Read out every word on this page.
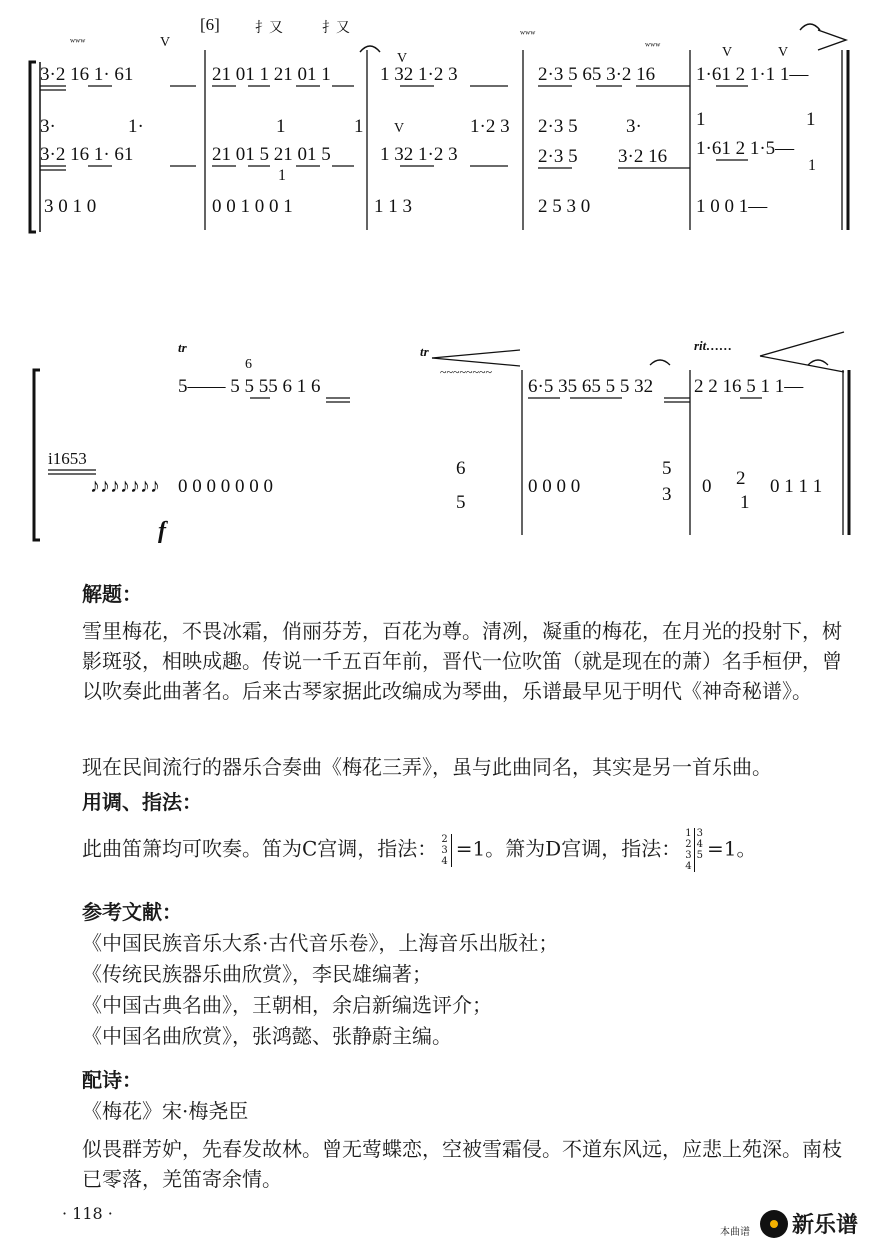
ʷʷʷ
ʷʷʷ
ʷʷʷ
[6]	扌又	扌又
V
V	V	V
V
3·2 16 1· 61	21 01 1 21 01 1	1 32 1·2 3	2·3 5 65 3·2 16 1·61 2 1·1 1—
3·	1·	1	1	1·2 3 2·3 5	3·	1	1
3·2 16 1· 61	21 01 5 21 01 5	1 32 1·2 3	2·3 5 3·2 16 1·61 2 1·5—
1
1
3 0 1 0	0 0 1 0 0 1	1 1 3	2 5 3 0	1 0 0 1—
tr	tr
~~~~~~~~
rit……
5—— 5 5 55 6 1 6	6·5 35 65 5 5 32 2 2 16 5 1 1—
6
i1653
♪♪♪♪♪♪♪ 0 0 0 0 0 0 0
6
5
0 0 0 0
5
3 0 2
1
0 1 1 1
f
解题：

雪里梅花，不畏冰霜，俏丽芬芳，百花为尊。清冽，凝重的梅花，在月光的投射下，树影斑驳，相映成趣。传说一千五百年前，晋代一位吹笛（就是现在的萧）名手桓伊，曾以吹奏此曲著名。后来古琴家据此改编成为琴曲，乐谱最早见于明代《神奇秘谱》。

现在民间流行的器乐合奏曲《梅花三弄》，虽与此曲同名，其实是另一首乐曲。

用调、指法：
此曲笛箫均可吹奏。笛为C宫调，指法： 2
3
4
=1。箫为D宫调，指法：
1
2
3
4
3
4
5 =1。
参考文献：

《中国民族音乐大系·古代音乐卷》，上海音乐出版社；

《传统民族器乐曲欣赏》，李民雄编著；

《中国古典名曲》，王朝相，余启新编选评介；

《中国名曲欣赏》，张鸿懿、张静蔚主编。

配诗：

《梅花》宋·梅尧臣

似畏群芳妒，先春发故林。曾无莺蝶恋，空被雪霜侵。不道东风远，应悲上苑深。南枝已零落，羌笛寄余情。

· 118 ·
本曲谱 新乐谱
